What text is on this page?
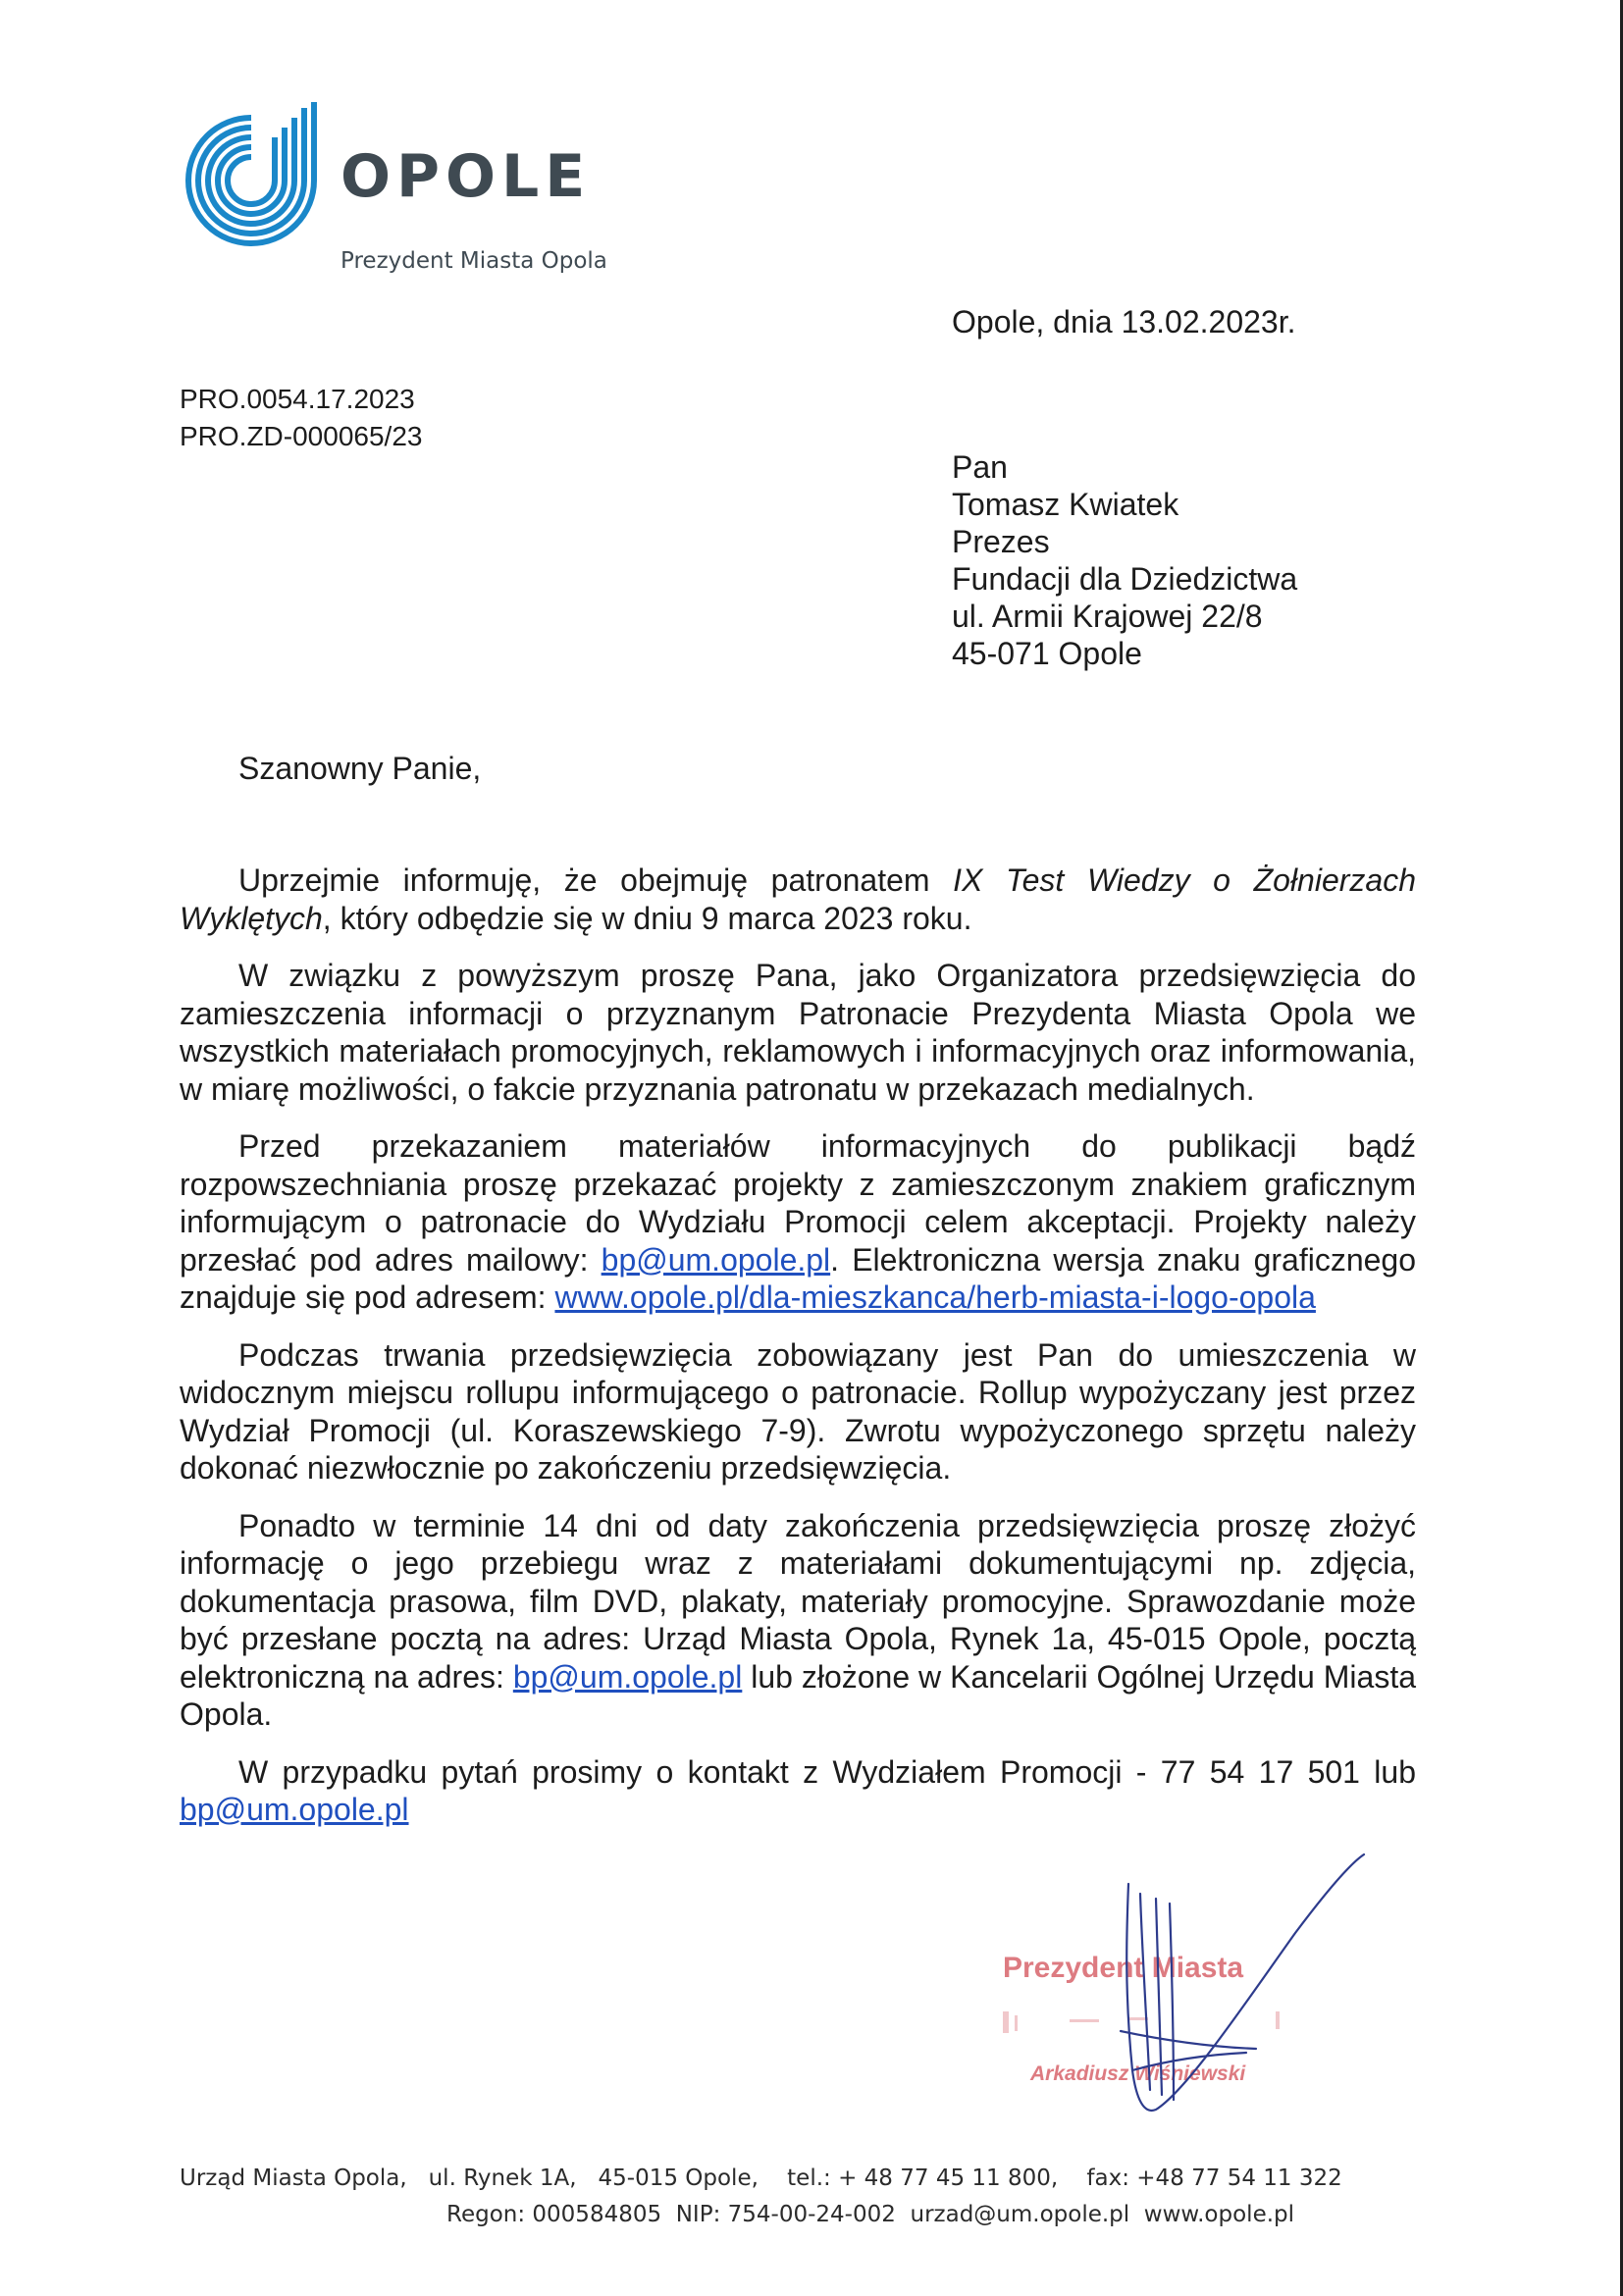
OPOLE
Prezydent Miasta Opola
Opole, dnia 13.02.2023r.
PRO.0054.17.2023
PRO.ZD-000065/23
Pan
Tomasz Kwiatek
Prezes
Fundacji dla Dziedzictwa
ul. Armii Krajowej 22/8
45-071 Opole
Szanowny Panie,

Uprzejmie informuję, że obejmuję patronatem IX Test Wiedzy o Żołnierzach Wyklętych, który odbędzie się w dniu 9 marca 2023 roku.

W związku z powyższym proszę Pana, jako Organizatora przedsięwzięcia do zamieszczenia informacji o przyznanym Patronacie Prezydenta Miasta Opola we wszystkich materiałach promocyjnych, reklamowych i informacyjnych oraz informowania, w miarę możliwości, o fakcie przyznania patronatu w przekazach medialnych.

Przed przekazaniem materiałów informacyjnych do publikacji bądź rozpowszechniania proszę przekazać projekty z zamieszczonym znakiem graficznym informującym o patronacie do Wydziału Promocji celem akceptacji. Projekty należy przesłać pod adres mailowy: bp@um.opole.pl. Elektroniczna wersja znaku graficznego znajduje się pod adresem: www.opole.pl/dla-mieszkanca/herb-miasta-i-logo-opola

Podczas trwania przedsięwzięcia zobowiązany jest Pan do umieszczenia w widocznym miejscu rollupu informującego o patronacie. Rollup wypożyczany jest przez Wydział Promocji (ul. Koraszewskiego 7-9). Zwrotu wypożyczonego sprzętu należy dokonać niezwłocznie po zakończeniu przedsięwzięcia.

Ponadto w terminie 14 dni od daty zakończenia przedsięwzięcia proszę złożyć informację o jego przebiegu wraz z materiałami dokumentującymi np. zdjęcia, dokumentacja prasowa, film DVD, plakaty, materiały promocyjne. Sprawozdanie może być przesłane pocztą na adres: Urząd Miasta Opola, Rynek 1a, 45-015 Opole, pocztą elektroniczną na adres: bp@um.opole.pl lub złożone w Kancelarii Ogólnej Urzędu Miasta Opola.

W przypadku pytań prosimy o kontakt z Wydziałem Promocji - 77 54 17 501 lub bp@um.opole.pl

Prezydent Miasta
Arkadiusz Wiśniewski
Urząd Miasta Opola,   ul. Rynek 1A,   45-015 Opole,    tel.: + 48 77 45 11 800,    fax: +48 77 54 11 322
Regon: 000584805  NIP: 754-00-24-002  urzad@um.opole.pl  www.opole.pl
